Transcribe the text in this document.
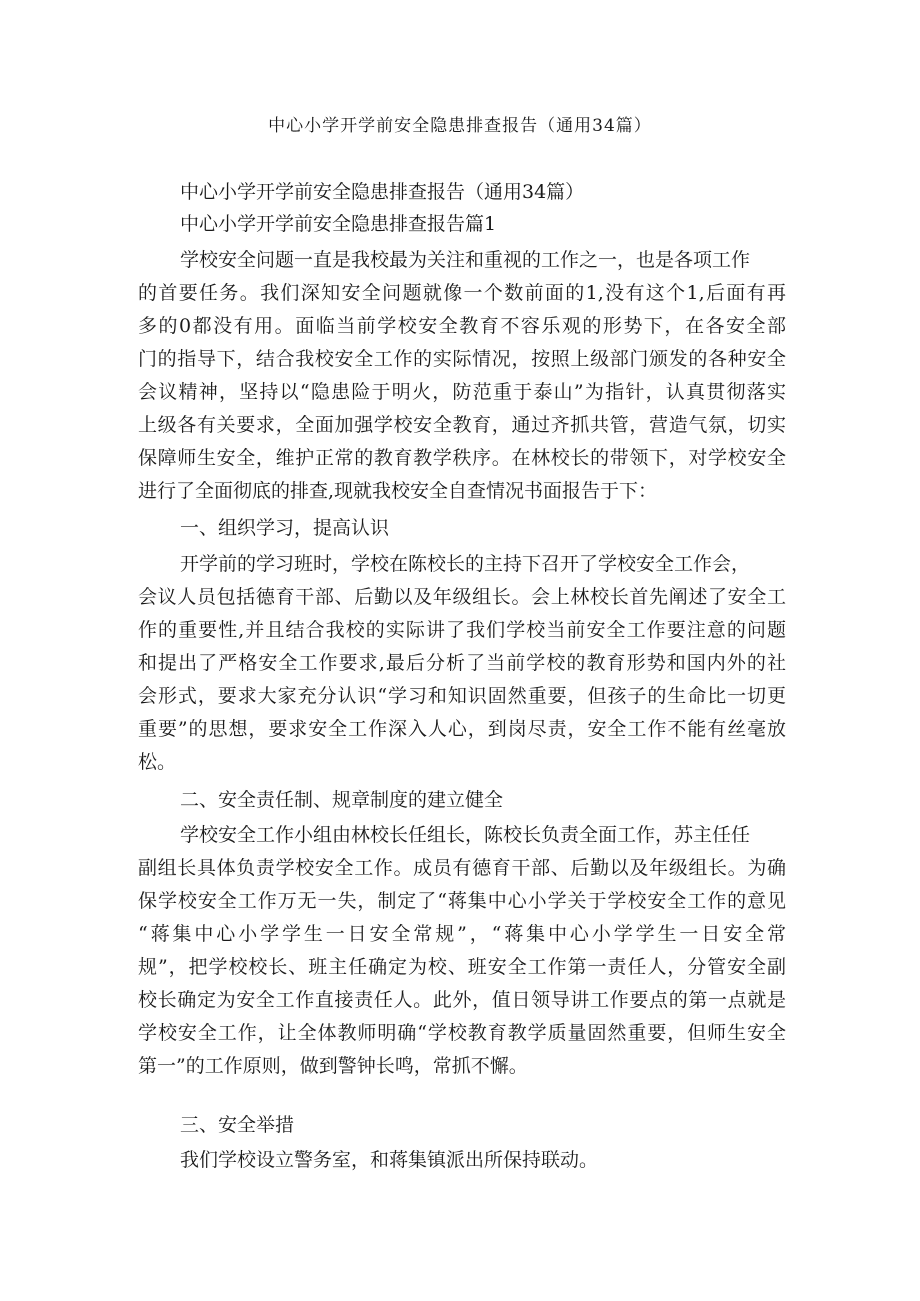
中心小学开学前安全隐患排查报告（通用34篇）

中心小学开学前安全隐患排查报告（通用34篇）

中心小学开学前安全隐患排查报告篇1

学校安全问题一直是我校最为关注和重视的工作之一，也是各项工作

的首要任务。我们深知安全问题就像一个数前面的1,没有这个1,后面有再

多的0都没有用。面临当前学校安全教育不容乐观的形势下，在各安全部

门的指导下，结合我校安全工作的实际情况，按照上级部门颁发的各种安全

会议精神，坚持以“隐患险于明火，防范重于泰山”为指针，认真贯彻落实

上级各有关要求，全面加强学校安全教育，通过齐抓共管，营造气氛，切实

保障师生安全，维护正常的教育教学秩序。在林校长的带领下，对学校安全

进行了全面彻底的排查,现就我校安全自查情况书面报告于下：

一、组织学习，提高认识

开学前的学习班时，学校在陈校长的主持下召开了学校安全工作会，

会议人员包括德育干部、后勤以及年级组长。会上林校长首先阐述了安全工

作的重要性,并且结合我校的实际讲了我们学校当前安全工作要注意的问题

和提出了严格安全工作要求,最后分析了当前学校的教育形势和国内外的社

会形式，要求大家充分认识“学习和知识固然重要，但孩子的生命比一切更

重要”的思想，要求安全工作深入人心，到岗尽责，安全工作不能有丝毫放

松。

二、安全责任制、规章制度的建立健全

学校安全工作小组由林校长任组长，陈校长负责全面工作，苏主任任

副组长具体负责学校安全工作。成员有德育干部、后勤以及年级组长。为确

保学校安全工作万无一失，制定了“蒋集中心小学关于学校安全工作的意见

“蒋集中心小学学生一日安全常规”，“蒋集中心小学学生一日安全常

规”，把学校校长、班主任确定为校、班安全工作第一责任人，分管安全副

校长确定为安全工作直接责任人。此外，值日领导讲工作要点的第一点就是

学校安全工作，让全体教师明确“学校教育教学质量固然重要，但师生安全

第一”的工作原则，做到警钟长鸣，常抓不懈。

三、安全举措

我们学校设立警务室，和蒋集镇派出所保持联动。
